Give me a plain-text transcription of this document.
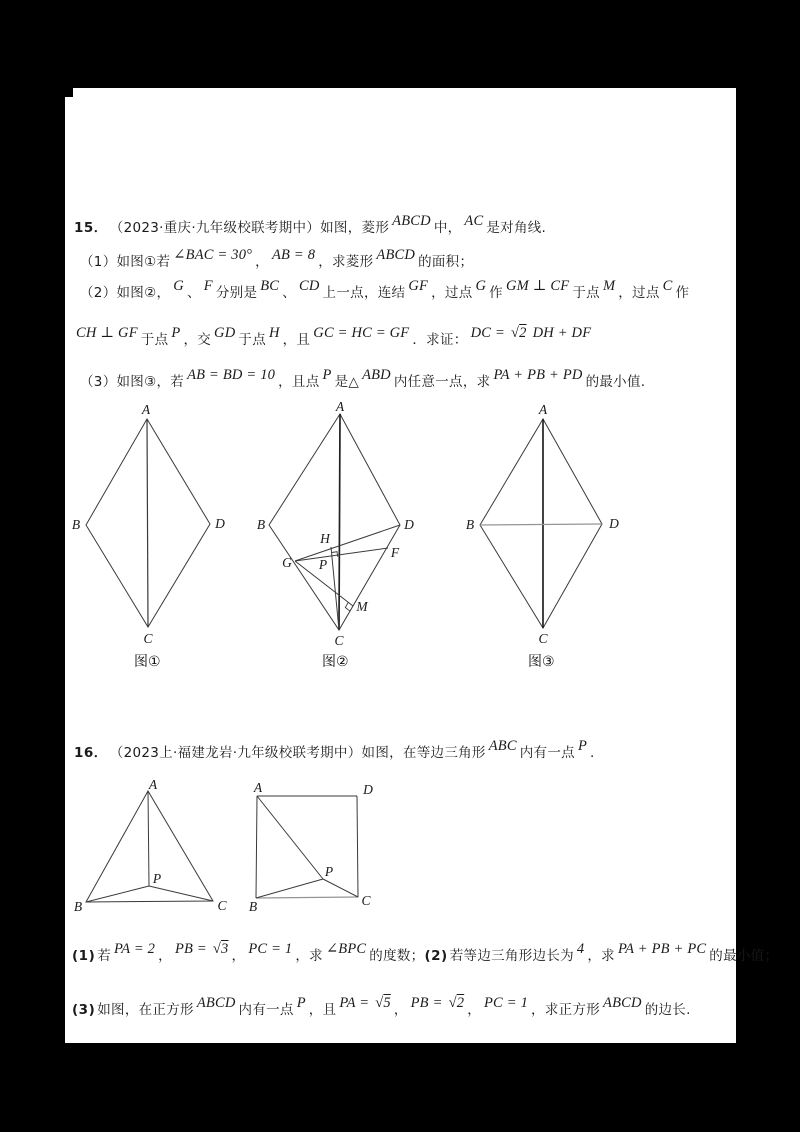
15． （2023·重庆·九年级校联考期中）如图，菱形 ABCD 中， AC 是对角线.
（1）如图①若 ∠BAC = 30° ， AB = 8 ，求菱形 ABCD 的面积；
（2）如图②， G 、 F 分别是 BC 、 CD 上一点，连结 GF ，过点 G 作 GM ⊥ CF 于点 M ，过点 C 作
CH ⊥ GF 于点 P ，交 GD 于点 H ，且 GC = HC = GF ．求证： DC =√2 DH + DF
（3）如图③，若 AB = BD = 10 ，且点 P 是△ ABD 内任意一点，求 PA + PB + PD 的最小值.
A
B	D
C
图①
A
B	D
C
G
H
F
P
M
图②
A
B	D
C
图③
16． （2023上·福建龙岩·九年级校联考期中）如图，在等边三角形 ABC 内有一点 P .
A
B	C
P
A	D
B	C
P
(1) 若 PA = 2 ， PB =√3 ， PC = 1 ，求 ∠BPC 的度数；(2) 若等边三角形边长为 4 ，求 PA + PB + PC 的最小值；
(3) 如图，在正方形 ABCD 内有一点 P ，且 PA =√5 ， PB =√2 ， PC = 1 ，求正方形 ABCD 的边长.
